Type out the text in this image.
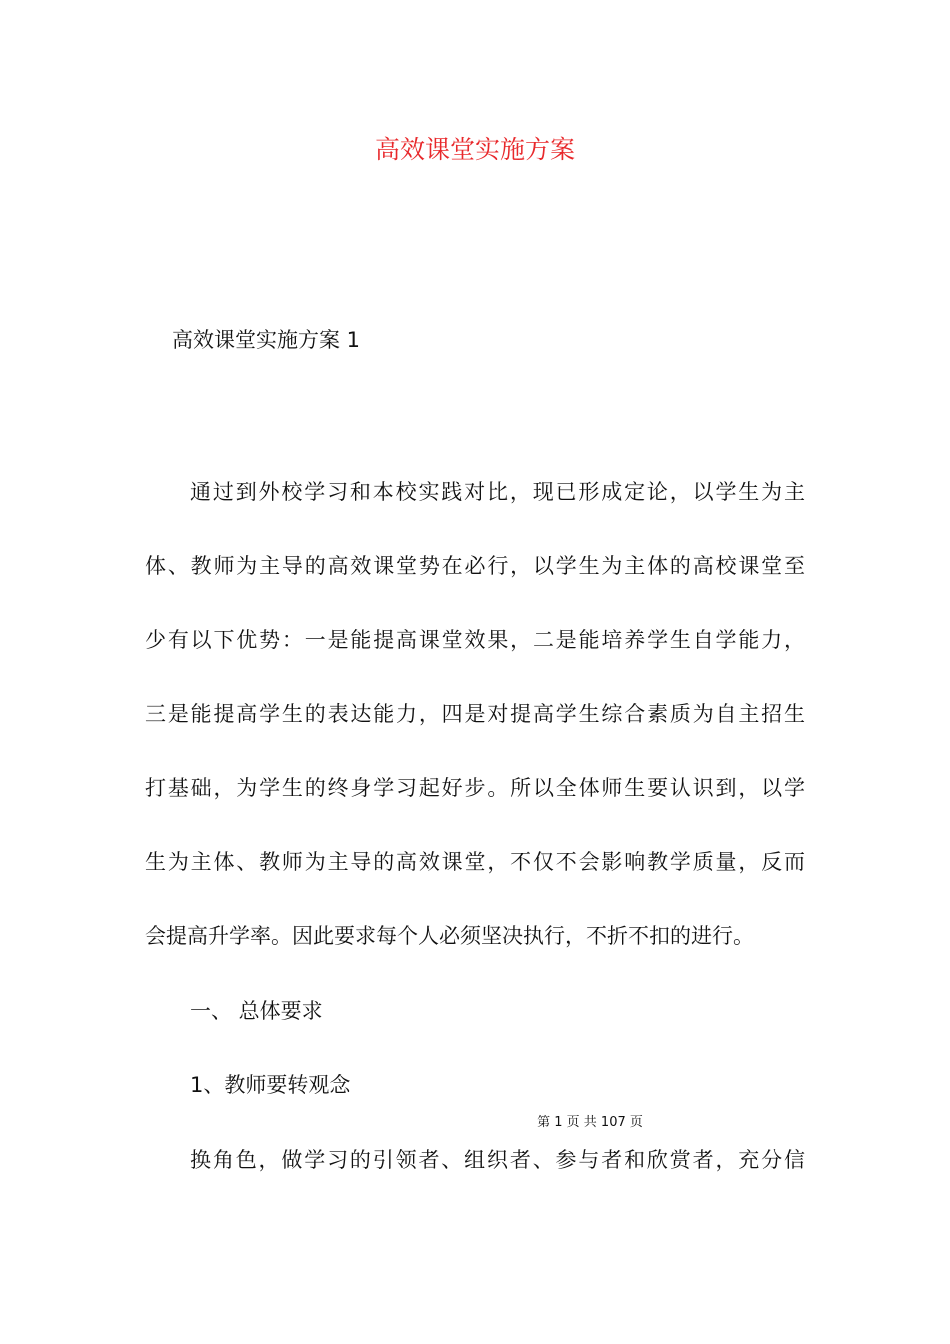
高效课堂实施方案
高效课堂实施方案 1

通过到外校学习和本校实践对比，现已形成定论，以学生为主

体、教师为主导的高效课堂势在必行，以学生为主体的高校课堂至

少有以下优势：一是能提高课堂效果，二是能培养学生自学能力，

三是能提高学生的表达能力，四是对提高学生综合素质为自主招生

打基础，为学生的终身学习起好步。所以全体师生要认识到，以学

生为主体、教师为主导的高效课堂，不仅不会影响教学质量，反而

会提高升学率。因此要求每个人必须坚决执行，不折不扣的进行。

一、 总体要求

1、教师要转观念

第 1 页 共 107 页

换角色，做学习的引领者、组织者、参与者和欣赏者，充分信
